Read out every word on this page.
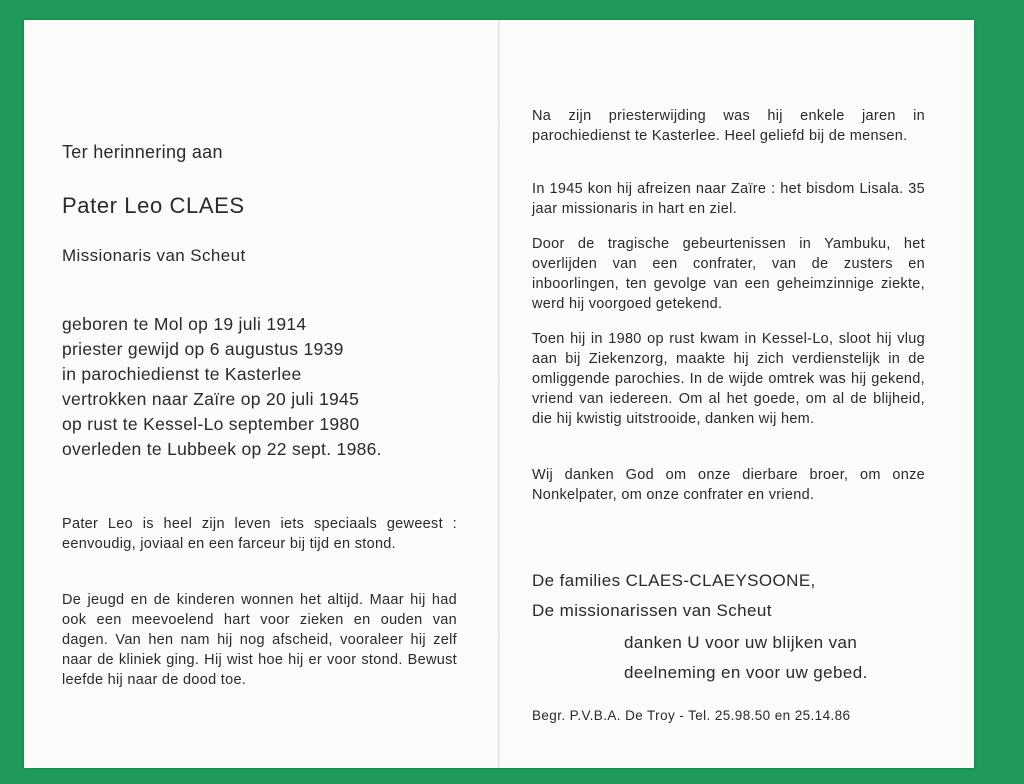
Ter herinnering aan
Pater Leo CLAES
Missionaris van Scheut
geboren te Mol op 19 juli 1914
priester gewijd op 6 augustus 1939
in parochiedienst te Kasterlee
vertrokken naar Zaïre op 20 juli 1945
op rust te Kessel-Lo september 1980
overleden te Lubbeek op 22 sept. 1986.
Pater Leo is heel zijn leven iets speciaals geweest : eenvoudig, joviaal en een farceur bij tijd en stond.
De jeugd en de kinderen wonnen het altijd. Maar hij had ook een meevoelend hart voor zieken en ouden van dagen. Van hen nam hij nog afscheid, vooraleer hij zelf naar de kliniek ging. Hij wist hoe hij er voor stond. Bewust leefde hij naar de dood toe.
Na zijn priesterwijding was hij enkele jaren in parochiedienst te Kasterlee. Heel geliefd bij de mensen.
In 1945 kon hij afreizen naar Zaïre : het bisdom Lisala. 35 jaar missionaris in hart en ziel.
Door de tragische gebeurtenissen in Yambuku, het overlijden van een confrater, van de zusters en inboorlingen, ten gevolge van een geheimzinnige ziekte, werd hij voorgoed getekend.
Toen hij in 1980 op rust kwam in Kessel-Lo, sloot hij vlug aan bij Ziekenzorg, maakte hij zich verdienstelijk in de omliggende parochies. In de wijde omtrek was hij gekend, vriend van iedereen. Om al het goede, om al de blijheid, die hij kwistig uitstrooide, danken wij hem.
Wij danken God om onze dierbare broer, om onze Nonkelpater, om onze confrater en vriend.
De families CLAES-CLAEYSOONE,
De missionarissen van Scheut
danken U voor uw blijken van
deelneming en voor uw gebed.
Begr. P.V.B.A. De Troy - Tel. 25.98.50 en 25.14.86
